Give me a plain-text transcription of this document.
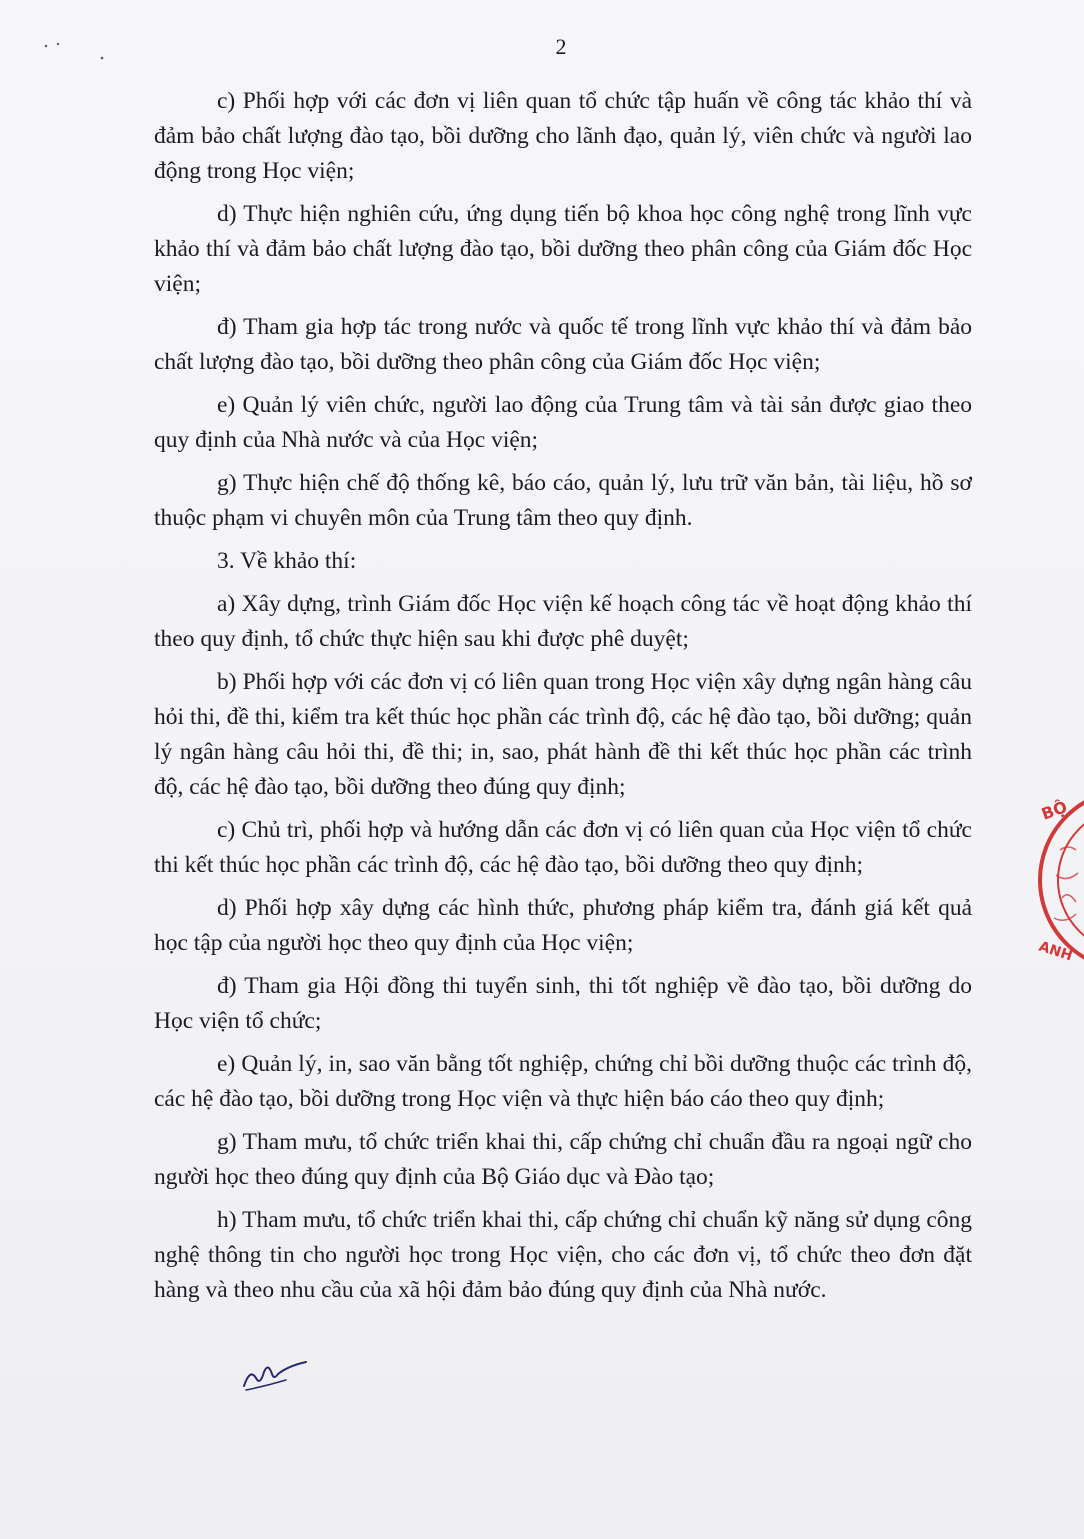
2

c) Phối hợp với các đơn vị liên quan tổ chức tập huấn về công tác khảo thí và đảm bảo chất lượng đào tạo, bồi dưỡng cho lãnh đạo, quản lý, viên chức và người lao động trong Học viện;

d) Thực hiện nghiên cứu, ứng dụng tiến bộ khoa học công nghệ trong lĩnh vực khảo thí và đảm bảo chất lượng đào tạo, bồi dưỡng theo phân công của Giám đốc Học viện;

đ) Tham gia hợp tác trong nước và quốc tế trong lĩnh vực khảo thí và đảm bảo chất lượng đào tạo, bồi dưỡng theo phân công của Giám đốc Học viện;

e) Quản lý viên chức, người lao động của Trung tâm và tài sản được giao theo quy định của Nhà nước và của Học viện;

g) Thực hiện chế độ thống kê, báo cáo, quản lý, lưu trữ văn bản, tài liệu, hồ sơ thuộc phạm vi chuyên môn của Trung tâm theo quy định.

3. Về khảo thí:

a) Xây dựng, trình Giám đốc Học viện kế hoạch công tác về hoạt động khảo thí theo quy định, tổ chức thực hiện sau khi được phê duyệt;

b) Phối hợp với các đơn vị có liên quan trong Học viện xây dựng ngân hàng câu hỏi thi, đề thi, kiểm tra kết thúc học phần các trình độ, các hệ đào tạo, bồi dưỡng; quản lý ngân hàng câu hỏi thi, đề thi; in, sao, phát hành đề thi kết thúc học phần các trình độ, các hệ đào tạo, bồi dưỡng theo đúng quy định;

c) Chủ trì, phối hợp và hướng dẫn các đơn vị có liên quan của Học viện tổ chức thi kết thúc học phần các trình độ, các hệ đào tạo, bồi dưỡng theo quy định;

d) Phối hợp xây dựng các hình thức, phương pháp kiểm tra, đánh giá kết quả học tập của người học theo quy định của Học viện;

đ) Tham gia Hội đồng thi tuyển sinh, thi tốt nghiệp về đào tạo, bồi dưỡng do Học viện tổ chức;

e) Quản lý, in, sao văn bằng tốt nghiệp, chứng chỉ bồi dưỡng thuộc các trình độ, các hệ đào tạo, bồi dưỡng trong Học viện và thực hiện báo cáo theo quy định;

g) Tham mưu, tổ chức triển khai thi, cấp chứng chỉ chuẩn đầu ra ngoại ngữ cho người học theo đúng quy định của Bộ Giáo dục và Đào tạo;

h) Tham mưu, tổ chức triển khai thi, cấp chứng chỉ chuẩn kỹ năng sử dụng công nghệ thông tin cho người học trong Học viện, cho các đơn vị, tổ chức theo đơn đặt hàng và theo nhu cầu của xã hội đảm bảo đúng quy định của Nhà nước.

BỘ
ANH
